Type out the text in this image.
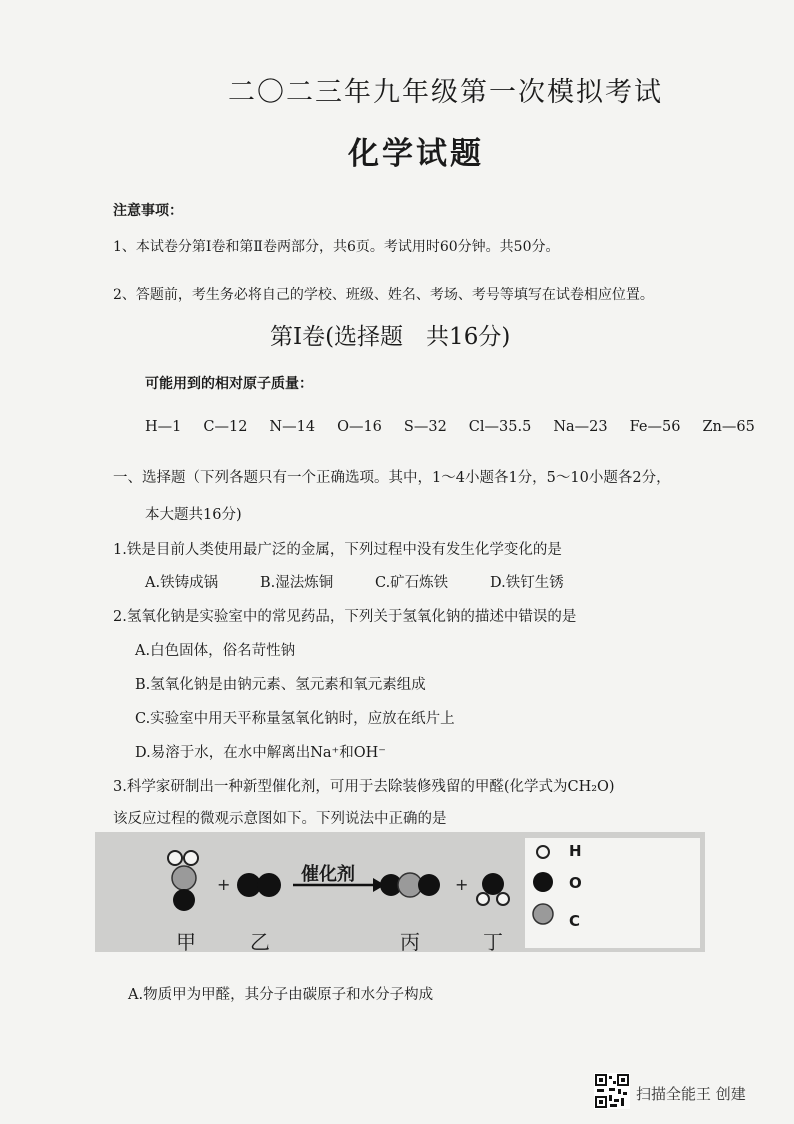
二〇二三年九年级第一次模拟考试
化学试题
注意事项：
1、本试卷分第Ⅰ卷和第Ⅱ卷两部分，共6页。考试用时60分钟。共50分。
2、答题前，考生务必将自己的学校、班级、姓名、考场、考号等填写在试卷相应位置。
第Ⅰ卷(选择题　共16分)
可能用到的相对原子质量：
H—1 C—12 N—14 O—16 S—32 Cl—35.5 Na—23 Fe—56 Zn—65
一、选择题（下列各题只有一个正确选项。其中，1～4小题各1分，5～10小题各2分，
本大题共16分)
1.铁是目前人类使用最广泛的金属，下列过程中没有发生化学变化的是
A.铁铸成锅	B.湿法炼铜	C.矿石炼铁	D.铁钉生锈
2.氢氧化钠是实验室中的常见药品，下列关于氢氧化钠的描述中错误的是
A.白色固体，俗名苛性钠
B.氢氧化钠是由钠元素、氢元素和氧元素组成
C.实验室中用天平称量氢氧化钠时，应放在纸片上
D.易溶于水，在水中解离出Na⁺和OH⁻
3.科学家研制出一种新型催化剂，可用于去除装修残留的甲醛(化学式为CH₂O)
该反应过程的微观示意图如下。下列说法中正确的是
+	+
催化剂
甲	乙	丙	丁
H
O
C
A.物质甲为甲醛，其分子由碳原子和水分子构成
扫描全能王 创建
